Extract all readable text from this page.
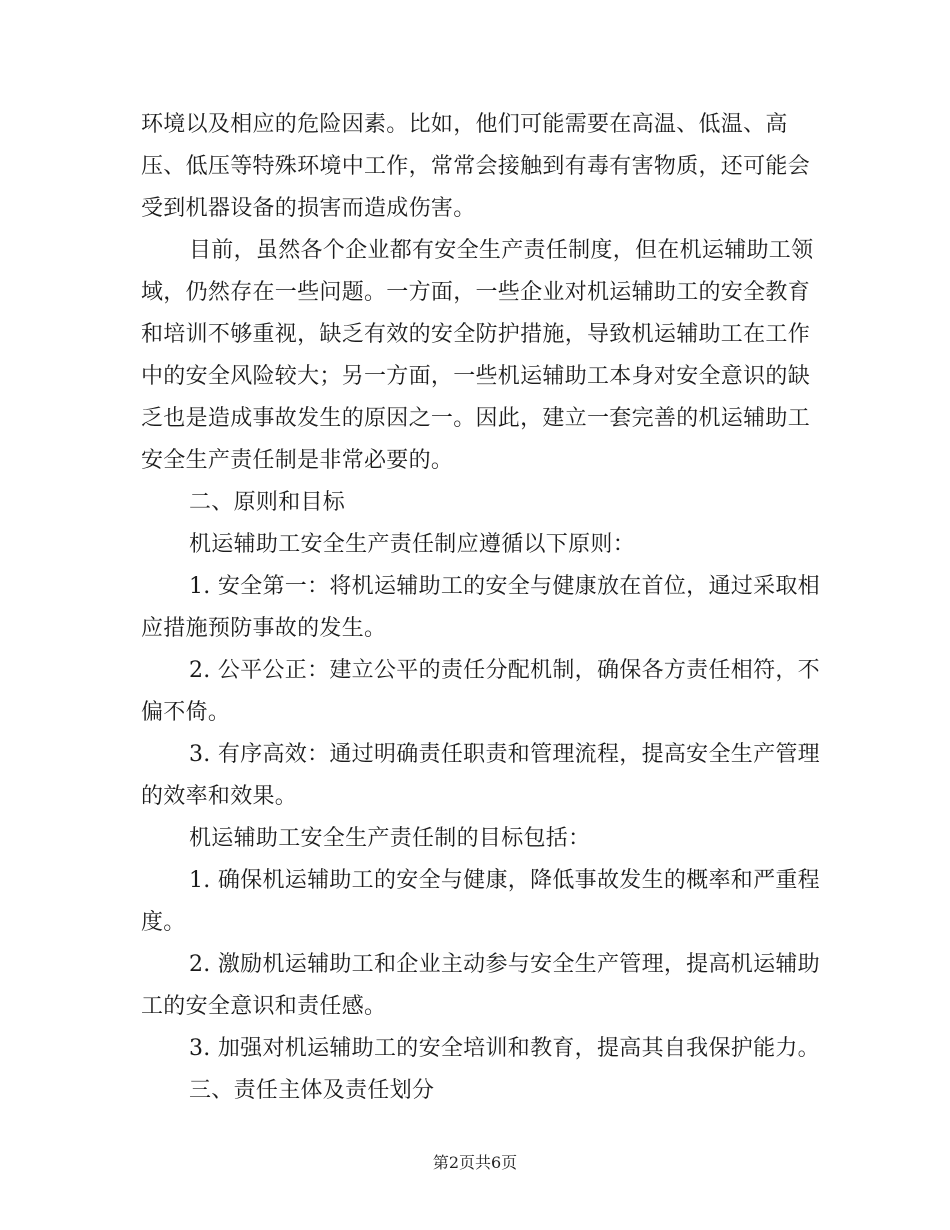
环境以及相应的危险因素。比如，他们可能需要在高温、低温、高
压、低压等特殊环境中工作，常常会接触到有毒有害物质，还可能会
受到机器设备的损害而造成伤害。
目前，虽然各个企业都有安全生产责任制度，但在机运辅助工领
域，仍然存在一些问题。一方面，一些企业对机运辅助工的安全教育
和培训不够重视，缺乏有效的安全防护措施，导致机运辅助工在工作
中的安全风险较大；另一方面，一些机运辅助工本身对安全意识的缺
乏也是造成事故发生的原因之一。因此，建立一套完善的机运辅助工
安全生产责任制是非常必要的。
二、原则和目标
机运辅助工安全生产责任制应遵循以下原则：
1. 安全第一：将机运辅助工的安全与健康放在首位，通过采取相
应措施预防事故的发生。
2. 公平公正：建立公平的责任分配机制，确保各方责任相符，不
偏不倚。
3. 有序高效：通过明确责任职责和管理流程，提高安全生产管理
的效率和效果。
机运辅助工安全生产责任制的目标包括：
1. 确保机运辅助工的安全与健康，降低事故发生的概率和严重程
度。
2. 激励机运辅助工和企业主动参与安全生产管理，提高机运辅助
工的安全意识和责任感。
3. 加强对机运辅助工的安全培训和教育，提高其自我保护能力。
三、责任主体及责任划分
第2页共6页
